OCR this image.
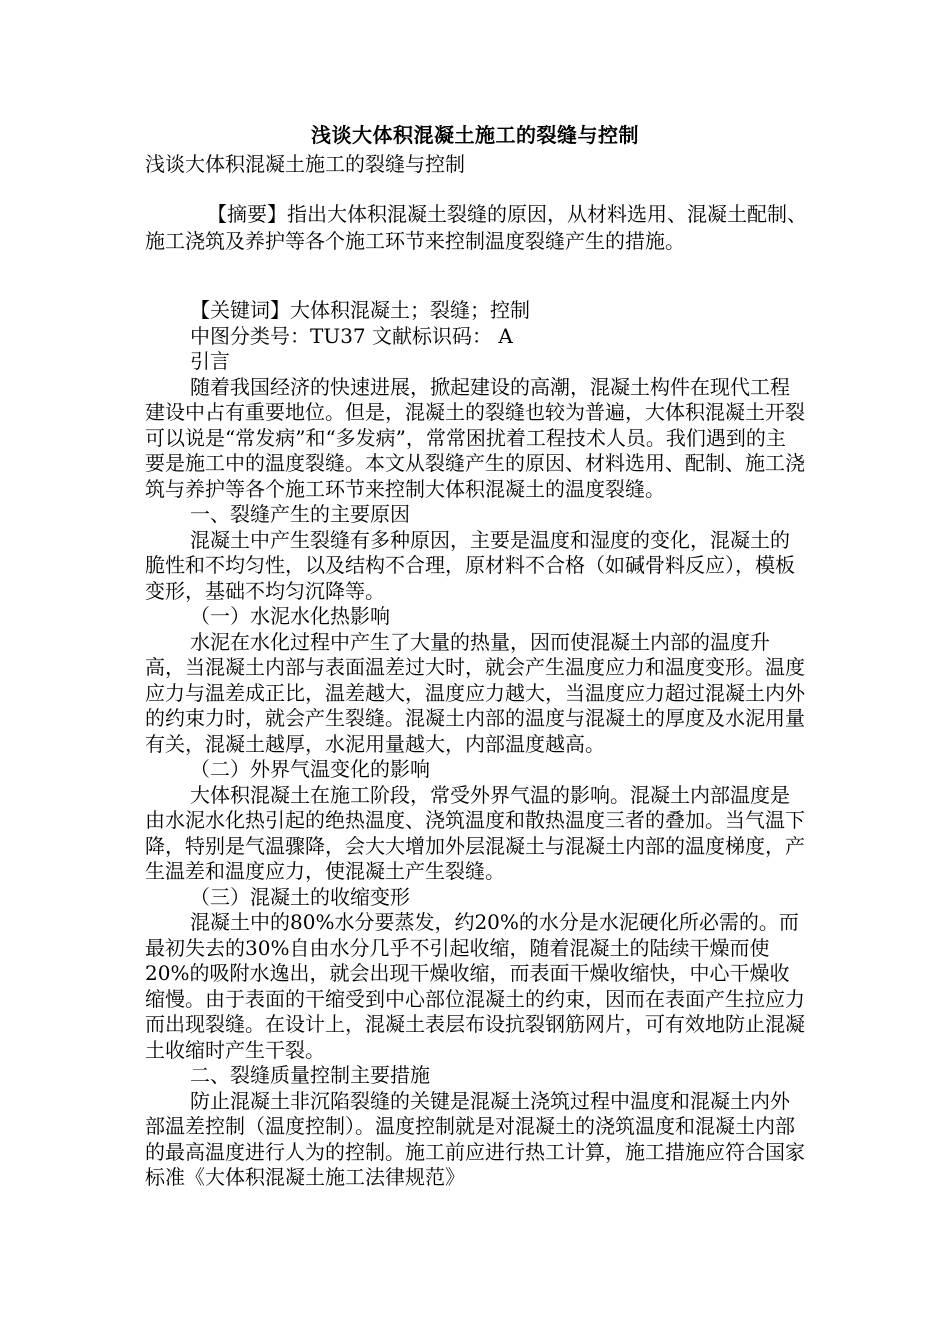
浅谈大体积混凝土施工的裂缝与控制
浅谈大体积混凝土施工的裂缝与控制
【摘要】指出大体积混凝土裂缝的原因，从材料选用、混凝土配制、施工浇筑及养护等各个施工环节来控制温度裂缝产生的措施。

【关键词】大体积混凝土；裂缝；控制

中图分类号：TU37 文献标识码： A

引言

随着我国经济的快速进展，掀起建设的高潮，混凝土构件在现代工程建设中占有重要地位。但是，混凝土的裂缝也较为普遍，大体积混凝土开裂可以说是“常发病”和“多发病”，常常困扰着工程技术人员。我们遇到的主要是施工中的温度裂缝。本文从裂缝产生的原因、材料选用、配制、施工浇筑与养护等各个施工环节来控制大体积混凝土的温度裂缝。

一、裂缝产生的主要原因

混凝土中产生裂缝有多种原因，主要是温度和湿度的变化，混凝土的脆性和不均匀性，以及结构不合理，原材料不合格（如碱骨料反应），模板变形，基础不均匀沉降等。

（一）水泥水化热影响

水泥在水化过程中产生了大量的热量，因而使混凝土内部的温度升高，当混凝土内部与表面温差过大时，就会产生温度应力和温度变形。温度应力与温差成正比，温差越大，温度应力越大，当温度应力超过混凝土内外的约束力时，就会产生裂缝。混凝土内部的温度与混凝土的厚度及水泥用量有关，混凝土越厚，水泥用量越大，内部温度越高。

（二）外界气温变化的影响

大体积混凝土在施工阶段，常受外界气温的影响。混凝土内部温度是由水泥水化热引起的绝热温度、浇筑温度和散热温度三者的叠加。当气温下降，特别是气温骤降，会大大增加外层混凝土与混凝土内部的温度梯度，产生温差和温度应力，使混凝土产生裂缝。

（三）混凝土的收缩变形

混凝土中的80%水分要蒸发，约20%的水分是水泥硬化所必需的。而最初失去的30%自由水分几乎不引起收缩，随着混凝土的陆续干燥而使20%的吸附水逸出，就会出现干燥收缩，而表面干燥收缩快，中心干燥收缩慢。由于表面的干缩受到中心部位混凝土的约束，因而在表面产生拉应力而出现裂缝。在设计上，混凝土表层布设抗裂钢筋网片，可有效地防止混凝土收缩时产生干裂。

二、裂缝质量控制主要措施

防止混凝土非沉陷裂缝的关键是混凝土浇筑过程中温度和混凝土内外部温差控制（温度控制）。温度控制就是对混凝土的浇筑温度和混凝土内部的最高温度进行人为的控制。施工前应进行热工计算，施工措施应符合国家标准《大体积混凝土施工法律规范》
